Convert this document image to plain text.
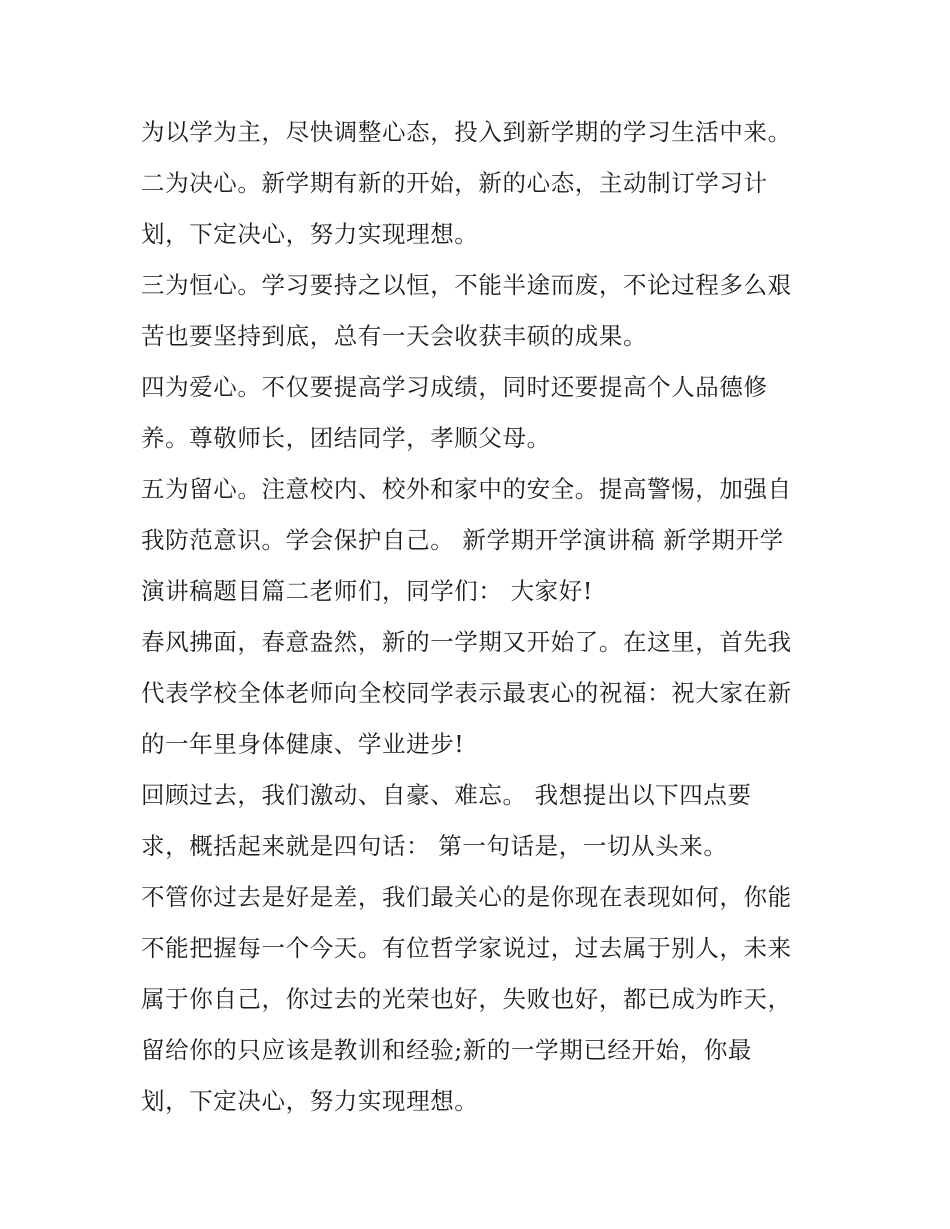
为以学为主，尽快调整心态，投入到新学期的学习生活中来。
二为决心。新学期有新的开始，新的心态，主动制订学习计
划，下定决心，努力实现理想。
三为恒心。学习要持之以恒，不能半途而废，不论过程多么艰
苦也要坚持到底，总有一天会收获丰硕的成果。
四为爱心。不仅要提高学习成绩，同时还要提高个人品德修
养。尊敬师长，团结同学，孝顺父母。
五为留心。注意校内、校外和家中的安全。提高警惕，加强自
我防范意识。学会保护自己。 新学期开学演讲稿 新学期开学
演讲稿题目篇二老师们，同学们： 大家好!
春风拂面，春意盎然，新的一学期又开始了。在这里，首先我
代表学校全体老师向全校同学表示最衷心的祝福：祝大家在新
的一年里身体健康、学业进步!
回顾过去，我们激动、自豪、难忘。 我想提出以下四点要
求，概括起来就是四句话： 第一句话是，一切从头来。
不管你过去是好是差，我们最关心的是你现在表现如何，你能
不能把握每一个今天。有位哲学家说过，过去属于别人，未来
属于你自己，你过去的光荣也好，失败也好，都已成为昨天，
留给你的只应该是教训和经验;新的一学期已经开始，你最
划，下定决心，努力实现理想。
